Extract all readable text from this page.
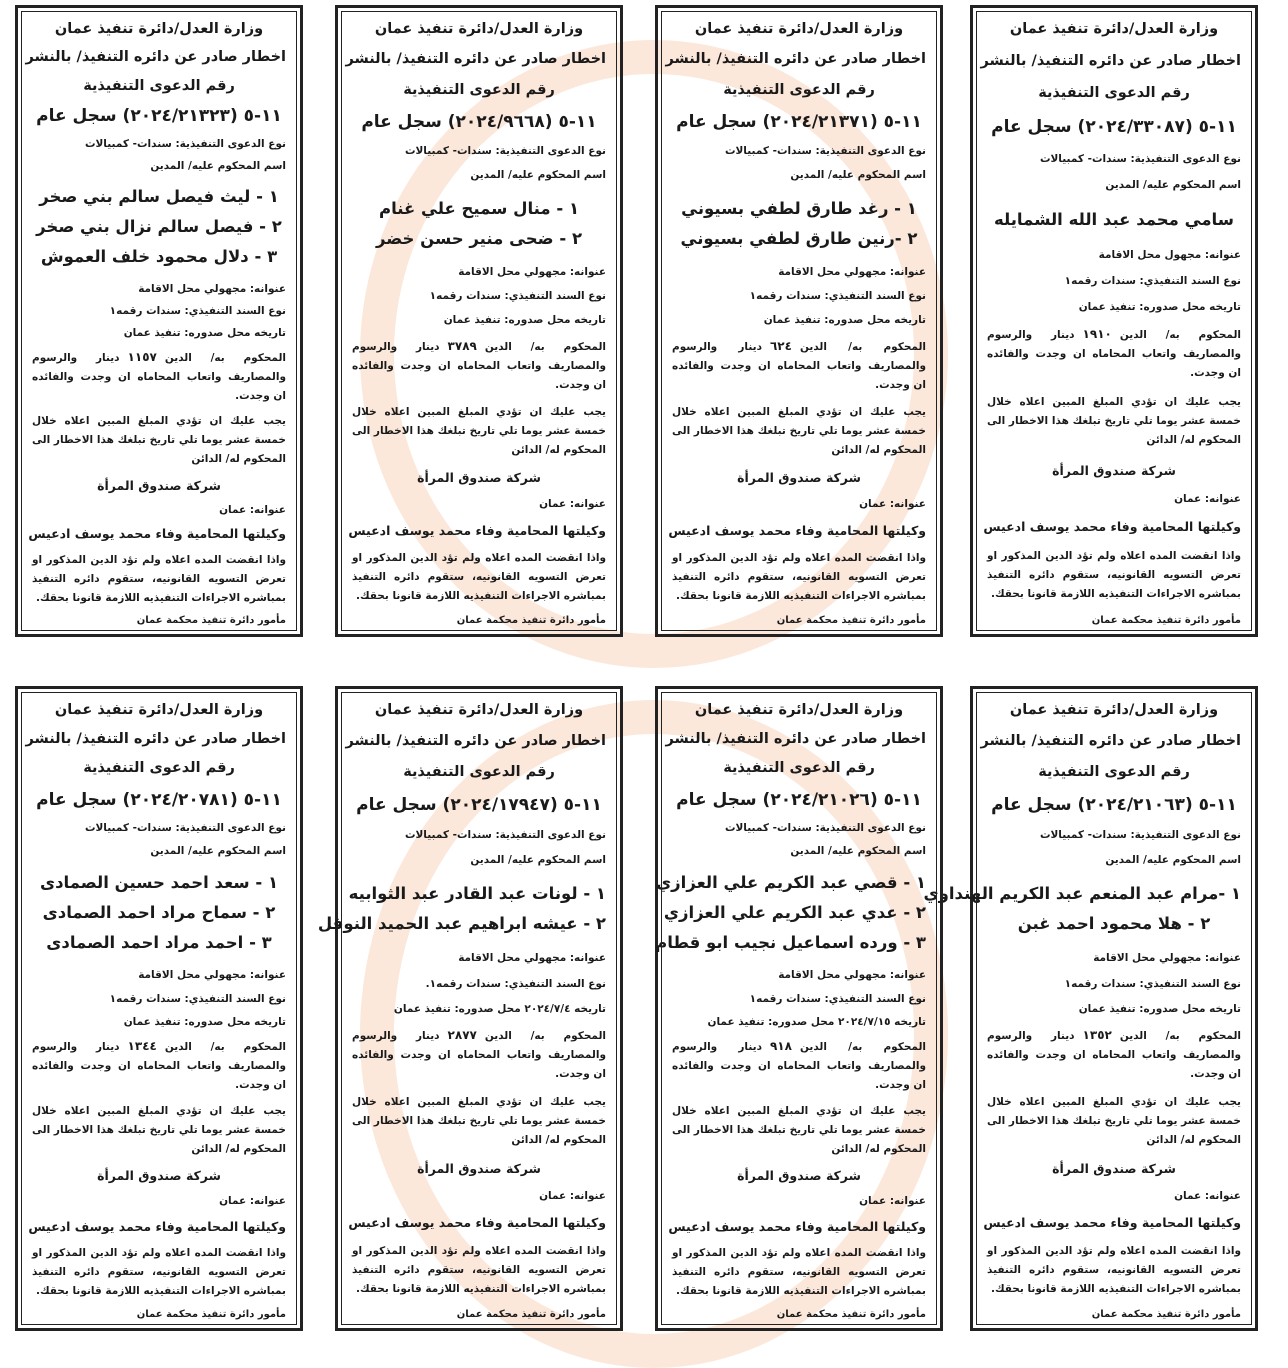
وزارة العدل/دائرة تنفيذ عمان
اخطار صادر عن دائره التنفيذ/ بالنشر
رقم الدعوى التنفيذية
١١-٥ (٢٠٢٤/٣٣٠٨٧) سجل عام
نوع الدعوى التنفيذية: سندات- كمبيالات
اسم المحكوم عليه/ المدين
سامي محمد عبد الله الشمايله
عنوانه: مجهول محل الاقامة
نوع السند التنفيذي: سندات رقمه١
تاريخه محل صدوره: تنفيذ عمان
المحكوم به/ الدين١٩١٠دينار والرسوم والمصاريف واتعاب المحاماه ان وجدت والفائده ان وجدت.
يجب عليك ان تؤدي المبلغ المبين اعلاه خلال خمسة عشر يوما تلي تاريخ تبلغك هذا الاخطار الى المحكوم له/ الدائن
شركة صندوق المرأة
عنوانه: عمان
وكيلتها المحامية وفاء محمد يوسف ادعيس
واذا انقضت المده اعلاه ولم تؤد الدين المذكور او تعرض التسويه القانونيه، ستقوم دائره التنفيذ بمباشره الاجراءات التنفيذيه اللازمة قانونا بحقك.
مأمور دائرة تنفيذ محكمة عمان
وزارة العدل/دائرة تنفيذ عمان
اخطار صادر عن دائره التنفيذ/ بالنشر
رقم الدعوى التنفيذية
١١-٥ (٢٠٢٤/٢١٣٧١) سجل عام
نوع الدعوى التنفيذية: سندات- كمبيالات
اسم المحكوم عليه/ المدين
١ - رغد طارق لطفي بسيوني
٢ -رنين طارق لطفي بسيوني
عنوانه: مجهولي محل الاقامة
نوع السند التنفيذي: سندات رقمه١
تاريخه محل صدوره: تنفيذ عمان
المحكوم به/ الدين٦٢٤دينار والرسوم والمصاريف واتعاب المحاماه ان وجدت والفائده ان وجدت.
يجب عليك ان تؤدي المبلغ المبين اعلاه خلال خمسة عشر يوما تلي تاريخ تبلغك هذا الاخطار الى المحكوم له/ الدائن
شركة صندوق المرأة
عنوانه: عمان
وكيلتها المحامية وفاء محمد يوسف ادعيس
واذا انقضت المده اعلاه ولم تؤد الدين المذكور او تعرض التسويه القانونيه، ستقوم دائره التنفيذ بمباشره الاجراءات التنفيذيه اللازمة قانونا بحقك.
مأمور دائرة تنفيذ محكمة عمان
وزارة العدل/دائرة تنفيذ عمان
اخطار صادر عن دائره التنفيذ/ بالنشر
رقم الدعوى التنفيذية
١١-٥ (٢٠٢٤/٩٦٦٨) سجل عام
نوع الدعوى التنفيذية: سندات- كمبيالات
اسم المحكوم عليه/ المدين
١ - منال سميح علي غنام
٢ - ضحى منير حسن خضر
عنوانه: مجهولي محل الاقامة
نوع السند التنفيذي: سندات رقمه١
تاريخه محل صدوره: تنفيذ عمان
المحكوم به/ الدين٣٧٨٩دينار والرسوم والمصاريف واتعاب المحاماه ان وجدت والفائده ان وجدت.
يجب عليك ان تؤدي المبلغ المبين اعلاه خلال خمسة عشر يوما تلي تاريخ تبلغك هذا الاخطار الى المحكوم له/ الدائن
شركة صندوق المرأة
عنوانه: عمان
وكيلتها المحامية وفاء محمد يوسف ادعيس
واذا انقضت المده اعلاه ولم تؤد الدين المذكور او تعرض التسويه القانونيه، ستقوم دائره التنفيذ بمباشره الاجراءات التنفيذيه اللازمة قانونا بحقك.
مأمور دائرة تنفيذ محكمة عمان
وزارة العدل/دائرة تنفيذ عمان
اخطار صادر عن دائره التنفيذ/ بالنشر
رقم الدعوى التنفيذية
١١-٥ (٢٠٢٤/٢١٣٢٣) سجل عام
نوع الدعوى التنفيذية: سندات- كمبيالات
اسم المحكوم عليه/ المدين
١ - ليث فيصل سالم بني صخر
٢ - فيصل سالم نزال بني صخر
٣ - دلال محمود خلف العموش
عنوانه: مجهولي محل الاقامة
نوع السند التنفيذي: سندات رقمه١
تاريخه محل صدوره: تنفيذ عمان
المحكوم به/ الدين١١٥٧دينار والرسوم والمصاريف واتعاب المحاماه ان وجدت والفائده ان وجدت.
يجب عليك ان تؤدي المبلغ المبين اعلاه خلال خمسة عشر يوما تلي تاريخ تبلغك هذا الاخطار الى المحكوم له/ الدائن
شركة صندوق المرأة
عنوانه: عمان
وكيلتها المحامية وفاء محمد يوسف ادعيس
واذا انقضت المده اعلاه ولم تؤد الدين المذكور او تعرض التسويه القانونيه، ستقوم دائره التنفيذ بمباشره الاجراءات التنفيذيه اللازمة قانونا بحقك.
مأمور دائرة تنفيذ محكمة عمان
وزارة العدل/دائرة تنفيذ عمان
اخطار صادر عن دائره التنفيذ/ بالنشر
رقم الدعوى التنفيذية
١١-٥ (٢٠٢٤/٢١٠٦٣) سجل عام
نوع الدعوى التنفيذية: سندات- كمبيالات
اسم المحكوم عليه/ المدين
١ -مرام عبد المنعم عبد الكريم الهنداوي
٢ - هلا محمود احمد غبن
عنوانه: مجهولي محل الاقامة
نوع السند التنفيذي: سندات رقمه١
تاريخه محل صدوره: تنفيذ عمان
المحكوم به/ الدين١٣٥٢دينار والرسوم والمصاريف واتعاب المحاماه ان وجدت والفائده ان وجدت.
يجب عليك ان تؤدي المبلغ المبين اعلاه خلال خمسة عشر يوما تلي تاريخ تبلغك هذا الاخطار الى المحكوم له/ الدائن
شركة صندوق المرأة
عنوانه: عمان
وكيلتها المحامية وفاء محمد يوسف ادعيس
واذا انقضت المده اعلاه ولم تؤد الدين المذكور او تعرض التسويه القانونيه، ستقوم دائره التنفيذ بمباشره الاجراءات التنفيذيه اللازمة قانونا بحقك.
مأمور دائرة تنفيذ محكمة عمان
وزارة العدل/دائرة تنفيذ عمان
اخطار صادر عن دائره التنفيذ/ بالنشر
رقم الدعوى التنفيذية
١١-٥ (٢٠٢٤/٢١٠٢٦) سجل عام
نوع الدعوى التنفيذية: سندات- كمبيالات
اسم المحكوم عليه/ المدين
١ - قصي عبد الكريم علي العزازي
٢ - عدي عبد الكريم علي العزازي
٣ - ورده اسماعيل نجيب ابو قطام
عنوانه: مجهولي محل الاقامة
نوع السند التنفيذي: سندات رقمه١
تاريخه ٢٠٢٤/٧/١٥ محل صدوره: تنفيذ عمان
المحكوم به/ الدين٩١٨دينار والرسوم والمصاريف واتعاب المحاماه ان وجدت والفائده ان وجدت.
يجب عليك ان تؤدي المبلغ المبين اعلاه خلال خمسة عشر يوما تلي تاريخ تبلغك هذا الاخطار الى المحكوم له/ الدائن
شركة صندوق المرأة
عنوانه: عمان
وكيلتها المحامية وفاء محمد يوسف ادعيس
واذا انقضت المده اعلاه ولم تؤد الدين المذكور او تعرض التسويه القانونيه، ستقوم دائره التنفيذ بمباشره الاجراءات التنفيذيه اللازمة قانونا بحقك.
مأمور دائرة تنفيذ محكمة عمان
وزارة العدل/دائرة تنفيذ عمان
اخطار صادر عن دائره التنفيذ/ بالنشر
رقم الدعوى التنفيذية
١١-٥ (٢٠٢٤/١٧٩٤٧) سجل عام
نوع الدعوى التنفيذية: سندات- كمبيالات
اسم المحكوم عليه/ المدين
١ - لونات عبد القادر عبد الثوابيه
٢ - عيشه ابراهيم عبد الحميد النوفل
عنوانه: مجهولي محل الاقامة
نوع السند التنفيذي: سندات رقمه١.
تاريخه ٢٠٢٤/٧/٤ محل صدوره: تنفيذ عمان
المحكوم به/ الدين٢٨٧٧دينار والرسوم والمصاريف واتعاب المحاماه ان وجدت والفائده ان وجدت.
يجب عليك ان تؤدي المبلغ المبين اعلاه خلال خمسة عشر يوما تلي تاريخ تبلغك هذا الاخطار الى المحكوم له/ الدائن
شركة صندوق المرأة
عنوانه: عمان
وكيلتها المحامية وفاء محمد يوسف ادعيس
واذا انقضت المده اعلاه ولم تؤد الدين المذكور او تعرض التسويه القانونيه، ستقوم دائره التنفيذ بمباشره الاجراءات التنفيذيه اللازمة قانونا بحقك.
مأمور دائرة تنفيذ محكمة عمان
وزارة العدل/دائرة تنفيذ عمان
اخطار صادر عن دائره التنفيذ/ بالنشر
رقم الدعوى التنفيذية
١١-٥ (٢٠٢٤/٢٠٧٨١) سجل عام
نوع الدعوى التنفيذية: سندات- كمبيالات
اسم المحكوم عليه/ المدين
١ - سعد احمد حسين الصمادى
٢ - سماح مراد احمد الصمادى
٣ - احمد مراد احمد الصمادى
عنوانه: مجهولي محل الاقامة
نوع السند التنفيذي: سندات رقمه١
تاريخه محل صدوره: تنفيذ عمان
المحكوم به/ الدين١٣٤٤دينار والرسوم والمصاريف واتعاب المحاماه ان وجدت والفائده ان وجدت.
يجب عليك ان تؤدي المبلغ المبين اعلاه خلال خمسة عشر يوما تلي تاريخ تبلغك هذا الاخطار الى المحكوم له/ الدائن
شركة صندوق المرأة
عنوانه: عمان
وكيلتها المحامية وفاء محمد يوسف ادعيس
واذا انقضت المده اعلاه ولم تؤد الدين المذكور او تعرض التسويه القانونيه، ستقوم دائره التنفيذ بمباشره الاجراءات التنفيذيه اللازمة قانونا بحقك.
مأمور دائرة تنفيذ محكمة عمان
